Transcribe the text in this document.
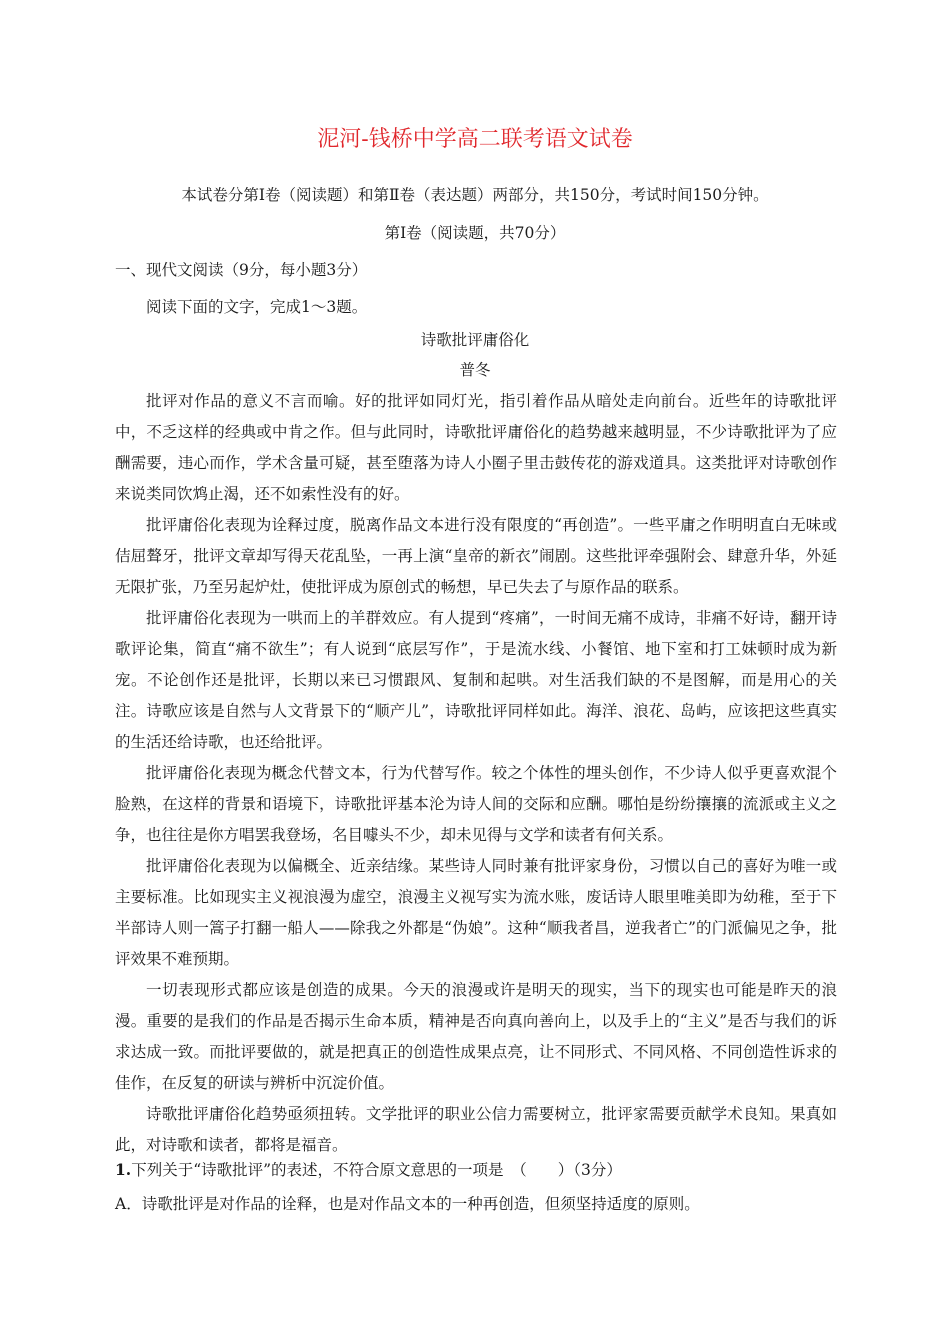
泥河-钱桥中学高二联考语文试卷
本试卷分第Ⅰ卷（阅读题）和第Ⅱ卷（表达题）两部分，共150分，考试时间150分钟。
第Ⅰ卷（阅读题，共70分）
一、现代文阅读（9分，每小题3分）
阅读下面的文字，完成1～3题。
诗歌批评庸俗化
普冬
批评对作品的意义不言而喻。好的批评如同灯光，指引着作品从暗处走向前台。近些年的诗歌批评中，不乏这样的经典或中肯之作。但与此同时，诗歌批评庸俗化的趋势越来越明显，不少诗歌批评为了应酬需要，违心而作，学术含量可疑，甚至堕落为诗人小圈子里击鼓传花的游戏道具。这类批评对诗歌创作来说类同饮鸩止渴，还不如索性没有的好。
批评庸俗化表现为诠释过度，脱离作品文本进行没有限度的“再创造”。一些平庸之作明明直白无味或佶屈聱牙，批评文章却写得天花乱坠，一再上演“皇帝的新衣”闹剧。这些批评牵强附会、肆意升华，外延无限扩张，乃至另起炉灶，使批评成为原创式的畅想，早已失去了与原作品的联系。
批评庸俗化表现为一哄而上的羊群效应。有人提到“疼痛”，一时间无痛不成诗，非痛不好诗，翻开诗歌评论集，简直“痛不欲生”；有人说到“底层写作”，于是流水线、小餐馆、地下室和打工妹顿时成为新宠。不论创作还是批评，长期以来已习惯跟风、复制和起哄。对生活我们缺的不是图解，而是用心的关注。诗歌应该是自然与人文背景下的“顺产儿”，诗歌批评同样如此。海洋、浪花、岛屿，应该把这些真实的生活还给诗歌，也还给批评。
批评庸俗化表现为概念代替文本，行为代替写作。较之个体性的埋头创作，不少诗人似乎更喜欢混个脸熟，在这样的背景和语境下，诗歌批评基本沦为诗人间的交际和应酬。哪怕是纷纷攘攘的流派或主义之争，也往往是你方唱罢我登场，名目噱头不少，却未见得与文学和读者有何关系。
批评庸俗化表现为以偏概全、近亲结缘。某些诗人同时兼有批评家身份，习惯以自己的喜好为唯一或主要标准。比如现实主义视浪漫为虚空，浪漫主义视写实为流水账，废话诗人眼里唯美即为幼稚，至于下半部诗人则一篙子打翻一船人——除我之外都是“伪娘”。这种“顺我者昌，逆我者亡”的门派偏见之争，批评效果不难预期。
一切表现形式都应该是创造的成果。今天的浪漫或许是明天的现实，当下的现实也可能是昨天的浪漫。重要的是我们的作品是否揭示生命本质，精神是否向真向善向上，以及手上的“主义”是否与我们的诉求达成一致。而批评要做的，就是把真正的创造性成果点亮，让不同形式、不同风格、不同创造性诉求的佳作，在反复的研读与辨析中沉淀价值。
诗歌批评庸俗化趋势亟须扭转。文学批评的职业公信力需要树立，批评家需要贡献学术良知。果真如此，对诗歌和读者，都将是福音。
1.下列关于“诗歌批评”的表述，不符合原文意思的一项是　（　　）（3分）
A．诗歌批评是对作品的诠释，也是对作品文本的一种再创造，但须坚持适度的原则。
